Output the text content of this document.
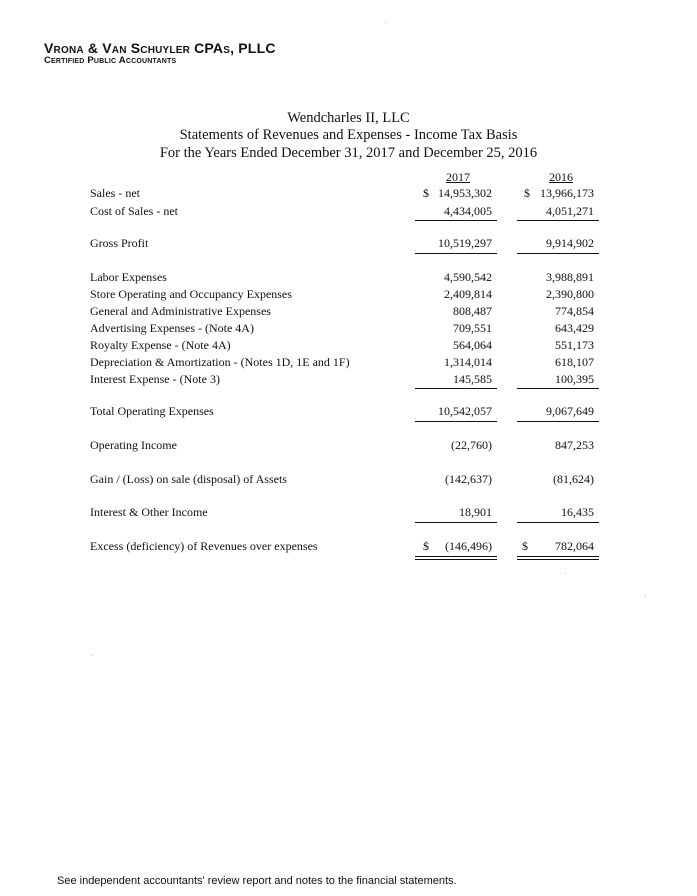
Vrona & Van Schuyler CPAs, PLLC
Certified Public Accountants
Wendcharles II, LLC
Statements of Revenues and Expenses - Income Tax Basis
For the Years Ended December 31, 2017 and December 25, 2016
2017	2016
Sales - net	$ 14,953,302	$ 13,966,173
Cost of Sales - net	4,434,005	4,051,271
Gross Profit	10,519,297	9,914,902
Labor Expenses	4,590,542	3,988,891
Store Operating and Occupancy Expenses	2,409,814	2,390,800
General and Administrative Expenses	808,487	774,854
Advertising Expenses - (Note 4A)	709,551	643,429
Royalty Expense - (Note 4A)	564,064	551,173
Depreciation & Amortization - (Notes 1D, 1E and 1F)	1,314,014	618,107
Interest Expense - (Note 3)	145,585	100,395
Total Operating Expenses	10,542,057	9,067,649
Operating Income	(22,760)	847,253
Gain / (Loss) on sale (disposal) of Assets	(142,637)	(81,624)
Interest & Other Income	18,901	16,435
Excess (deficiency) of Revenues over expenses	$	(146,496)	$	782,064
See independent accountants' review report and notes to the financial statements.
